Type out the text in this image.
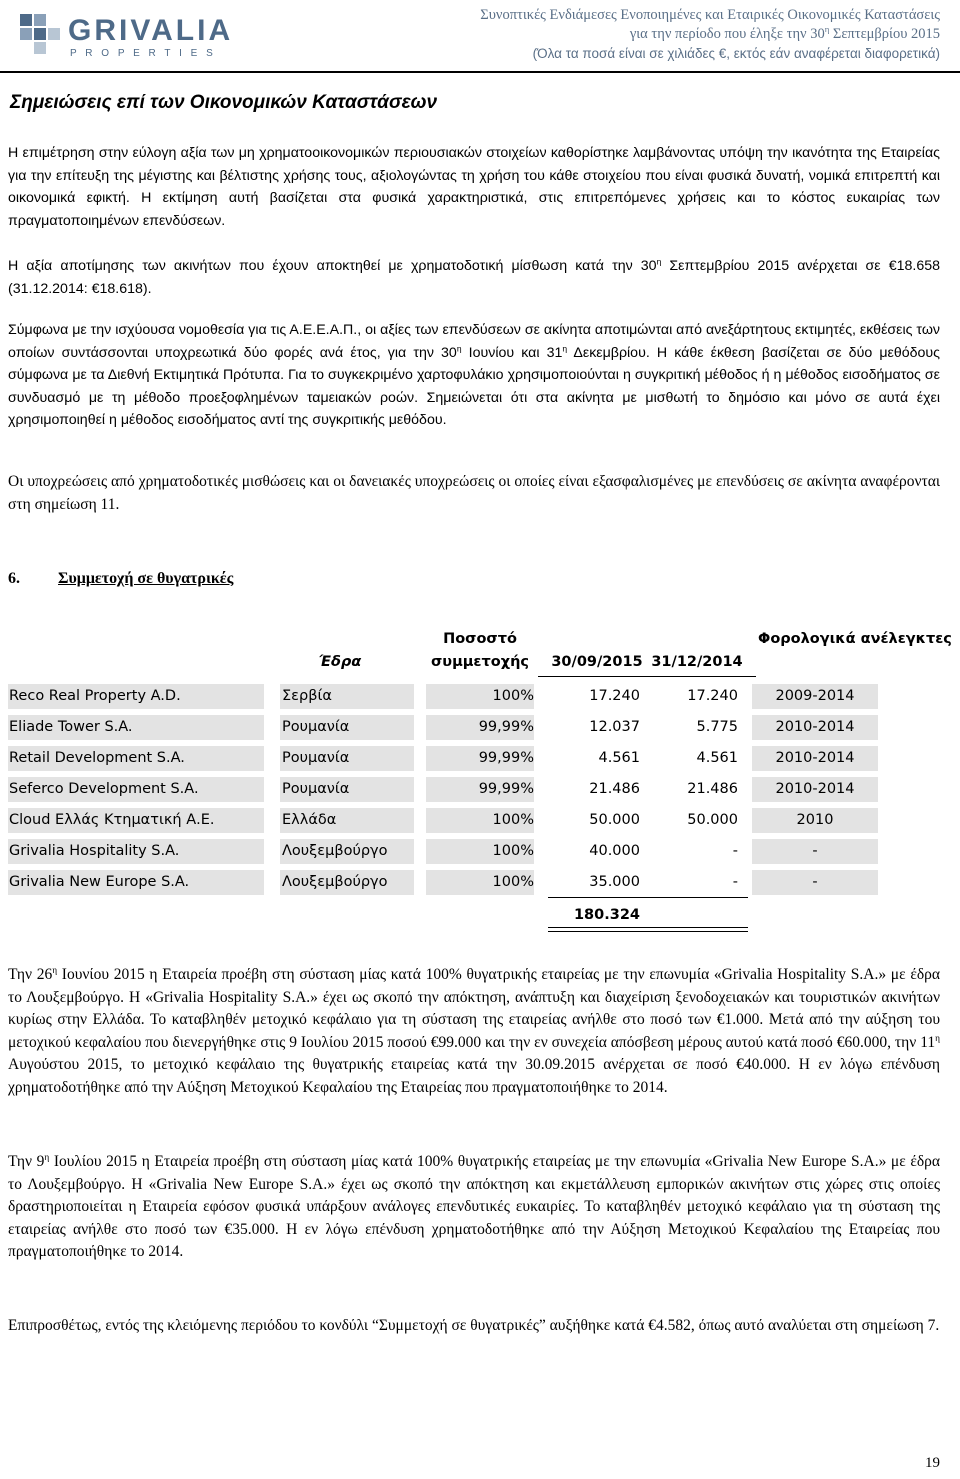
GRIVALIA
P R O P E R T I E S
Συνοπτικές Ενδιάμεσες Ενοποιημένες και Εταιρικές Οικονομικές Καταστάσεις
για την περίοδο που έληξε την $30^\eta$ Σεπτεμβρίου 2015
(Όλα τα ποσά είναι σε χιλιάδες €, εκτός εάν αναφέρεται διαφορετικά)
Σημειώσεις επί των Οικονομικών Καταστάσεων
Η επιμέτρηση στην εύλογη αξία των μη χρηματοοικονομικών περιουσιακών στοιχείων καθορίστηκε λαμβάνοντας υπόψη την ικανότητα της Εταιρείας για την επίτευξη της μέγιστης και βέλτιστης χρήσης τους, αξιολογώντας τη χρήση του κάθε στοιχείου που είναι φυσικά δυνατή, νομικά επιτρεπτή και οικονομικά εφικτή. Η εκτίμηση αυτή βασίζεται στα φυσικά χαρακτηριστικά, στις επιτρεπόμενες χρήσεις και το κόστος ευκαιρίας των πραγματοποιημένων επενδύσεων.
Η αξία αποτίμησης των ακινήτων που έχουν αποκτηθεί με χρηματοδοτική μίσθωση κατά την $30^\eta$ Σεπτεμβρίου 2015 ανέρχεται σε €18.658 (31.12.2014: €18.618).
Σύμφωνα με την ισχύουσα νομοθεσία για τις Α.Ε.Ε.Α.Π., οι αξίες των επενδύσεων σε ακίνητα αποτιμώνται από ανεξάρτητους εκτιμητές, εκθέσεις των οποίων συντάσσονται υποχρεωτικά δύο φορές ανά έτος, για την $30^\eta$ Ιουνίου και $31^\eta$ Δεκεμβρίου. Η κάθε έκθεση βασίζεται σε δύο μεθόδους σύμφωνα με τα Διεθνή Εκτιμητικά Πρότυπα. Για το συγκεκριμένο χαρτοφυλάκιο χρησιμοποιούνται η συγκριτική μέθοδος ή η μέθοδος εισοδήματος σε συνδυασμό με τη μέθοδο προεξοφλημένων ταμειακών ροών. Σημειώνεται ότι στα ακίνητα με μισθωτή το δημόσιο και μόνο σε αυτά έχει χρησιμοποιηθεί η μέθοδος εισοδήματος αντί της συγκριτικής μεθόδου.
Οι υποχρεώσεις από χρηματοδοτικές μισθώσεις και οι δανειακές υποχρεώσεις οι οποίες είναι εξασφαλισμένες με επενδύσεις σε ακίνητα αναφέρονται στη σημείωση 11.
6. Συμμετοχή σε θυγατρικές
Ποσοστό
συμμετοχής
Φορολογικά ανέλεγκτες
Έδρα	30/09/2015 31/12/2014
Reco Real Property A.D.	Σερβία	100%	17.240	17.240	2009-2014
Eliade Tower S.A.	Ρουμανία	99,99%	12.037	5.775	2010-2014
Retail Development S.A.	Ρουμανία	99,99%	4.561	4.561	2010-2014
Seferco Development S.A.	Ρουμανία	99,99%	21.486	21.486	2010-2014
Cloud Ελλάς Κτηματική Α.Ε.	Ελλάδα	100%	50.000	50.000	2010
Grivalia Hospitality S.A.	Λουξεμβούργο	100%	40.000	-	-
Grivalia New Europe S.A.	Λουξεμβούργο	100%	35.000	-	-
180.324
Την $26^\eta$ Ιουνίου 2015 η Εταιρεία προέβη στη σύσταση μίας κατά 100% θυγατρικής εταιρείας με την επωνυμία «Grivalia Hospitality S.A.» με έδρα το Λουξεμβούργο. Η «Grivalia Hospitality S.A.» έχει ως σκοπό την απόκτηση, ανάπτυξη και διαχείριση ξενοδοχειακών και τουριστικών ακινήτων κυρίως στην Ελλάδα. Το καταβληθέν μετοχικό κεφάλαιο για τη σύσταση της εταιρείας ανήλθε στο ποσό των €1.000. Μετά από την αύξηση του μετοχικού κεφαλαίου που διενεργήθηκε στις 9 Ιουλίου 2015 ποσού €99.000 και την εν συνεχεία απόσβεση μέρους αυτού κατά ποσό €60.000, την $11^\eta$ Αυγούστου 2015, το μετοχικό κεφάλαιο της θυγατρικής εταιρείας κατά την 30.09.2015 ανέρχεται σε ποσό €40.000. Η εν λόγω επένδυση χρηματοδοτήθηκε από την Αύξηση Μετοχικού Κεφαλαίου της Εταιρείας που πραγματοποιήθηκε το 2014.
Την $9^\eta$ Ιουλίου 2015 η Εταιρεία προέβη στη σύσταση μίας κατά 100% θυγατρικής εταιρείας με την επωνυμία «Grivalia New Europe S.A.» με έδρα το Λουξεμβούργο. Η «Grivalia New Europe S.A.» έχει ως σκοπό την απόκτηση και εκμετάλλευση εμπορικών ακινήτων στις χώρες στις οποίες δραστηριοποιείται η Εταιρεία εφόσον φυσικά υπάρξουν ανάλογες επενδυτικές ευκαιρίες. Το καταβληθέν μετοχικό κεφάλαιο για τη σύσταση της εταιρείας ανήλθε στο ποσό των €35.000. Η εν λόγω επένδυση χρηματοδοτήθηκε από την Αύξηση Μετοχικού Κεφαλαίου της Εταιρείας που πραγματοποιήθηκε το 2014.
Επιπροσθέτως, εντός της κλειόμενης περιόδου το κονδύλι “Συμμετοχή σε θυγατρικές” αυξήθηκε κατά €4.582, όπως αυτό αναλύεται στη σημείωση 7.
19
